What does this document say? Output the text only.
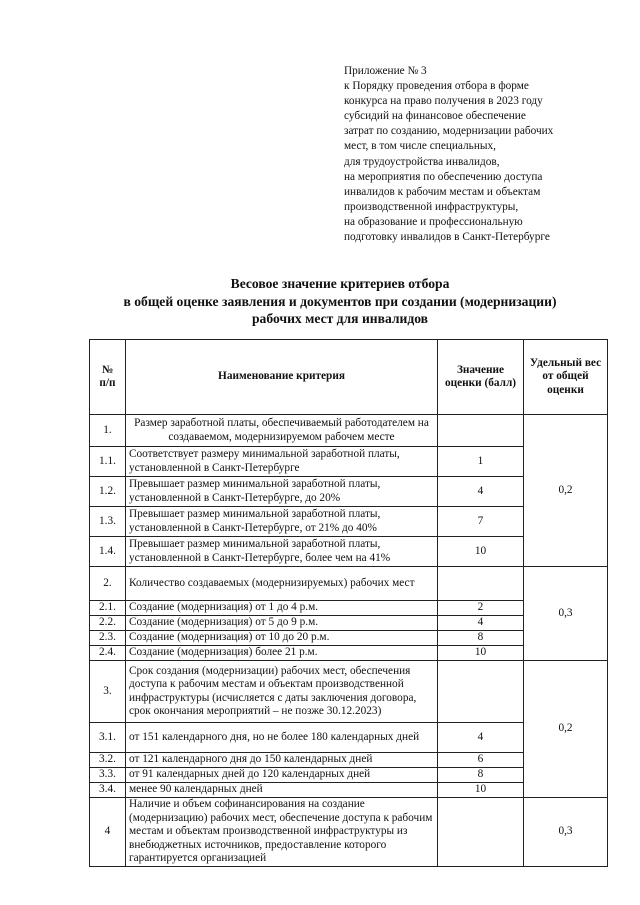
Приложение № 3
к Порядку проведения отбора в форме
конкурса на право получения в 2023 году
субсидий на финансовое обеспечение
затрат по созданию, модернизации рабочих
мест, в том числе специальных,
для трудоустройства инвалидов,
на мероприятия по обеспечению доступа
инвалидов к рабочим местам и объектам
производственной инфраструктуры,
на образование и профессиональную
подготовку инвалидов в Санкт-Петербурге
Весовое значение критериев отбора
в общей оценке заявления и документов при создании (модернизации)
рабочих мест для инвалидов
№ п/п	Наименование критерия	Значение оценки (балл)	Удельный вес от общей оценки
1.	Размер заработной платы, обеспечиваемый работодателем на создаваемом, модернизируемом рабочем месте		0,2
1.1.	Соответствует размеру минимальной заработной платы, установленной в Санкт-Петербурге	1	
1.2.	Превышает размер минимальной заработной платы, установленной в Санкт-Петербурге, до 20%	4	
1.3.	Превышает размер минимальной заработной платы, установленной в Санкт-Петербурге, от 21% до 40%	7	
1.4.	Превышает размер минимальной заработной платы, установленной в Санкт-Петербурге, более чем на 41%	10	
2.	Количество создаваемых (модернизируемых) рабочих мест		0,3
2.1.	Создание (модернизация) от 1 до 4 р.м.	2	
2.2.	Создание (модернизация) от 5 до 9 р.м.	4	
2.3.	Создание (модернизация) от 10 до 20 р.м.	8	
2.4.	Создание (модернизация) более 21 р.м.	10	
3.	Срок создания (модернизации) рабочих мест, обеспечения доступа к рабочим местам и объектам производственной инфраструктуры (исчисляется с даты заключения договора, срок окончания мероприятий – не позже 30.12.2023)		0,2
3.1.	от 151 календарного дня, но не более 180 календарных дней	4	
3.2.	от 121 календарного дня до 150 календарных дней	6	
3.3.	от 91 календарных дней до 120 календарных дней	8	
3.4.	менее 90 календарных дней	10	
4	Наличие и объем софинансирования на создание (модернизацию) рабочих мест, обеспечение доступа к рабочим местам и объектам производственной инфраструктуры из внебюджетных источников, предоставление которого гарантируется организацией		0,3
